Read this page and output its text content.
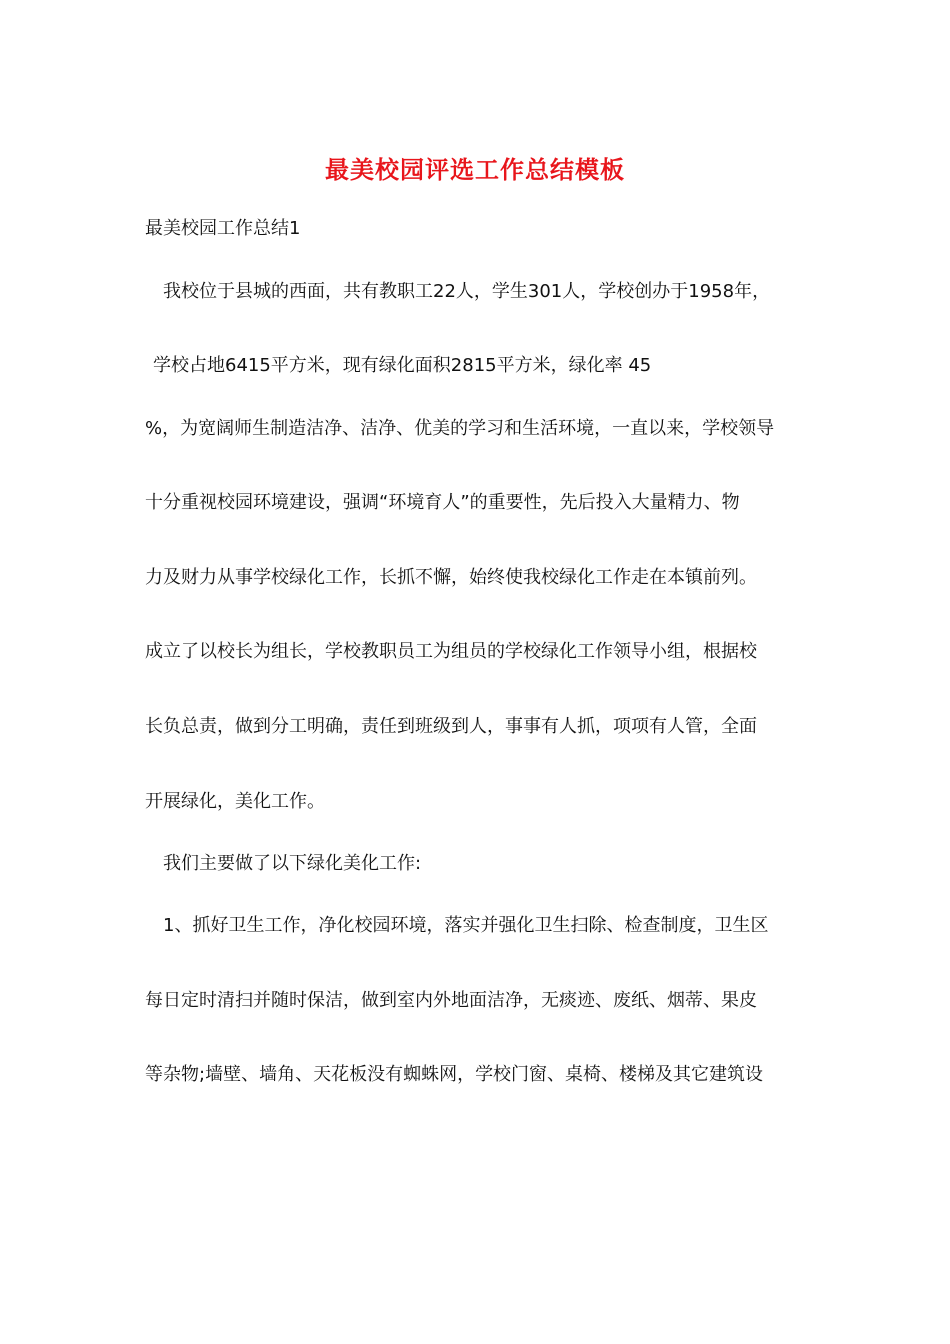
最美校园评选工作总结模板
最美校园工作总结1
我校位于县城的西面，共有教职工22人，学生301人，学校创办于1958年，
学校占地6415平方米，现有绿化面积2815平方米，绿化率 45
%，为宽阔师生制造洁净、洁净、优美的学习和生活环境，一直以来，学校领导
十分重视校园环境建设，强调“环境育人”的重要性，先后投入大量精力、物
力及财力从事学校绿化工作，长抓不懈，始终使我校绿化工作走在本镇前列。
成立了以校长为组长，学校教职员工为组员的学校绿化工作领导小组，根据校
长负总责，做到分工明确，责任到班级到人，事事有人抓，项项有人管，全面
开展绿化，美化工作。
我们主要做了以下绿化美化工作:
1、抓好卫生工作，净化校园环境，落实并强化卫生扫除、检查制度，卫生区
每日定时清扫并随时保洁，做到室内外地面洁净，无痰迹、废纸、烟蒂、果皮
等杂物;墙壁、墙角、天花板没有蜘蛛网，学校门窗、桌椅、楼梯及其它建筑设
